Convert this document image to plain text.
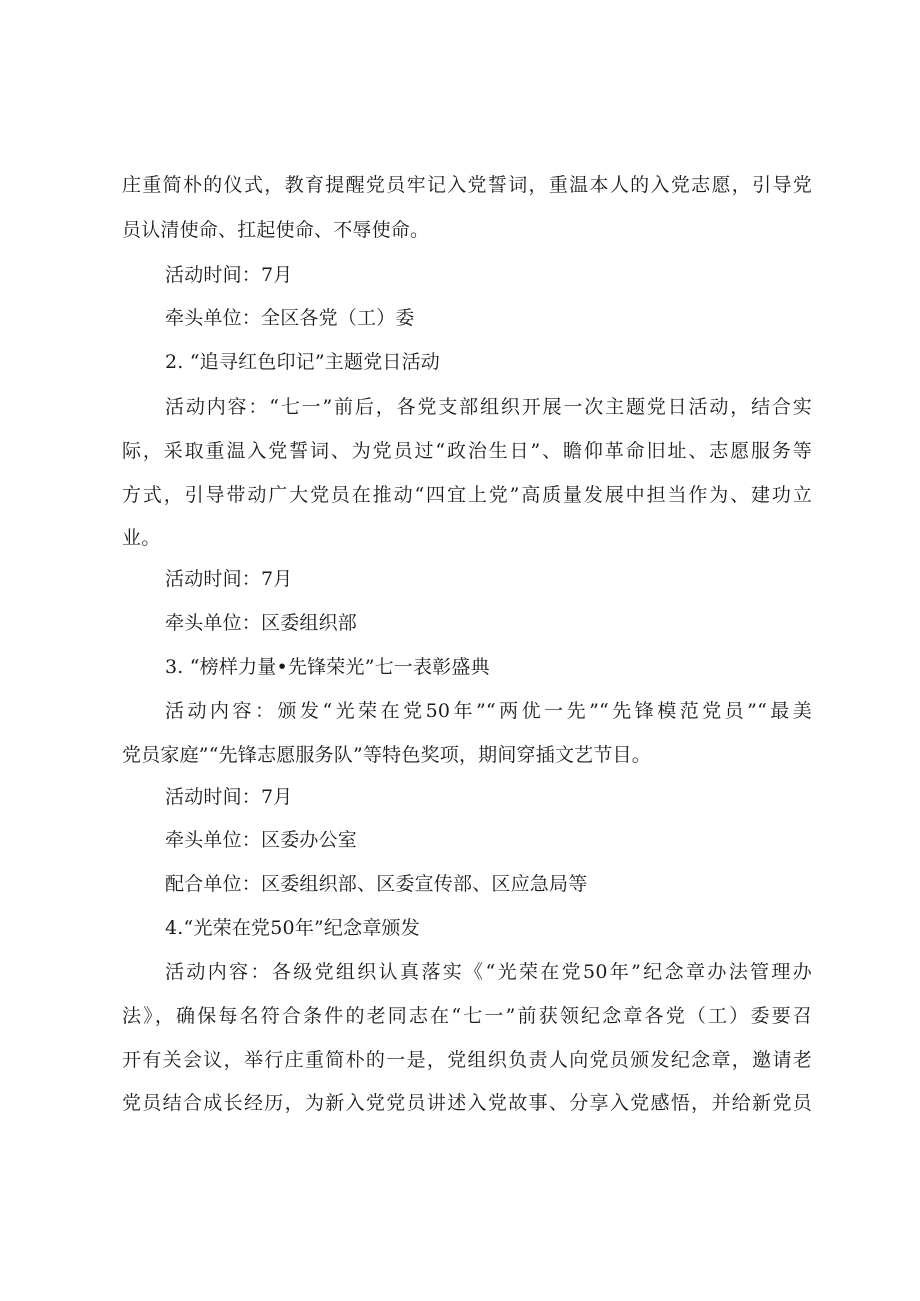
庄重简朴的仪式，教育提醒党员牢记入党誓词，重温本人的入党志愿，引导党
员认清使命、扛起使命、不辱使命。
活动时间：7月
牵头单位：全区各党（工）委
2. “追寻红色印记”主题党日活动
活动内容：“七一”前后，各党支部组织开展一次主题党日活动，结合实
际，采取重温入党誓词、为党员过“政治生日”、瞻仰革命旧址、志愿服务等
方式，引导带动广大党员在推动“四宜上党”高质量发展中担当作为、建功立
业。
活动时间：7月
牵头单位：区委组织部
3. “榜样力量•先锋荣光”七一表彰盛典
活动内容：颁发“光荣在党50年”“两优一先”“先锋模范党员”“最美
党员家庭”“先锋志愿服务队”等特色奖项，期间穿插文艺节目。
活动时间：7月
牵头单位：区委办公室
配合单位：区委组织部、区委宣传部、区应急局等
4.“光荣在党50年”纪念章颁发
活动内容：各级党组织认真落实《“光荣在党50年”纪念章办法管理办
法》，确保每名符合条件的老同志在“七一”前获领纪念章各党（工）委要召
开有关会议，举行庄重简朴的一是，党组织负责人向党员颁发纪念章，邀请老
党员结合成长经历，为新入党党员讲述入党故事、分享入党感悟，并给新党员
